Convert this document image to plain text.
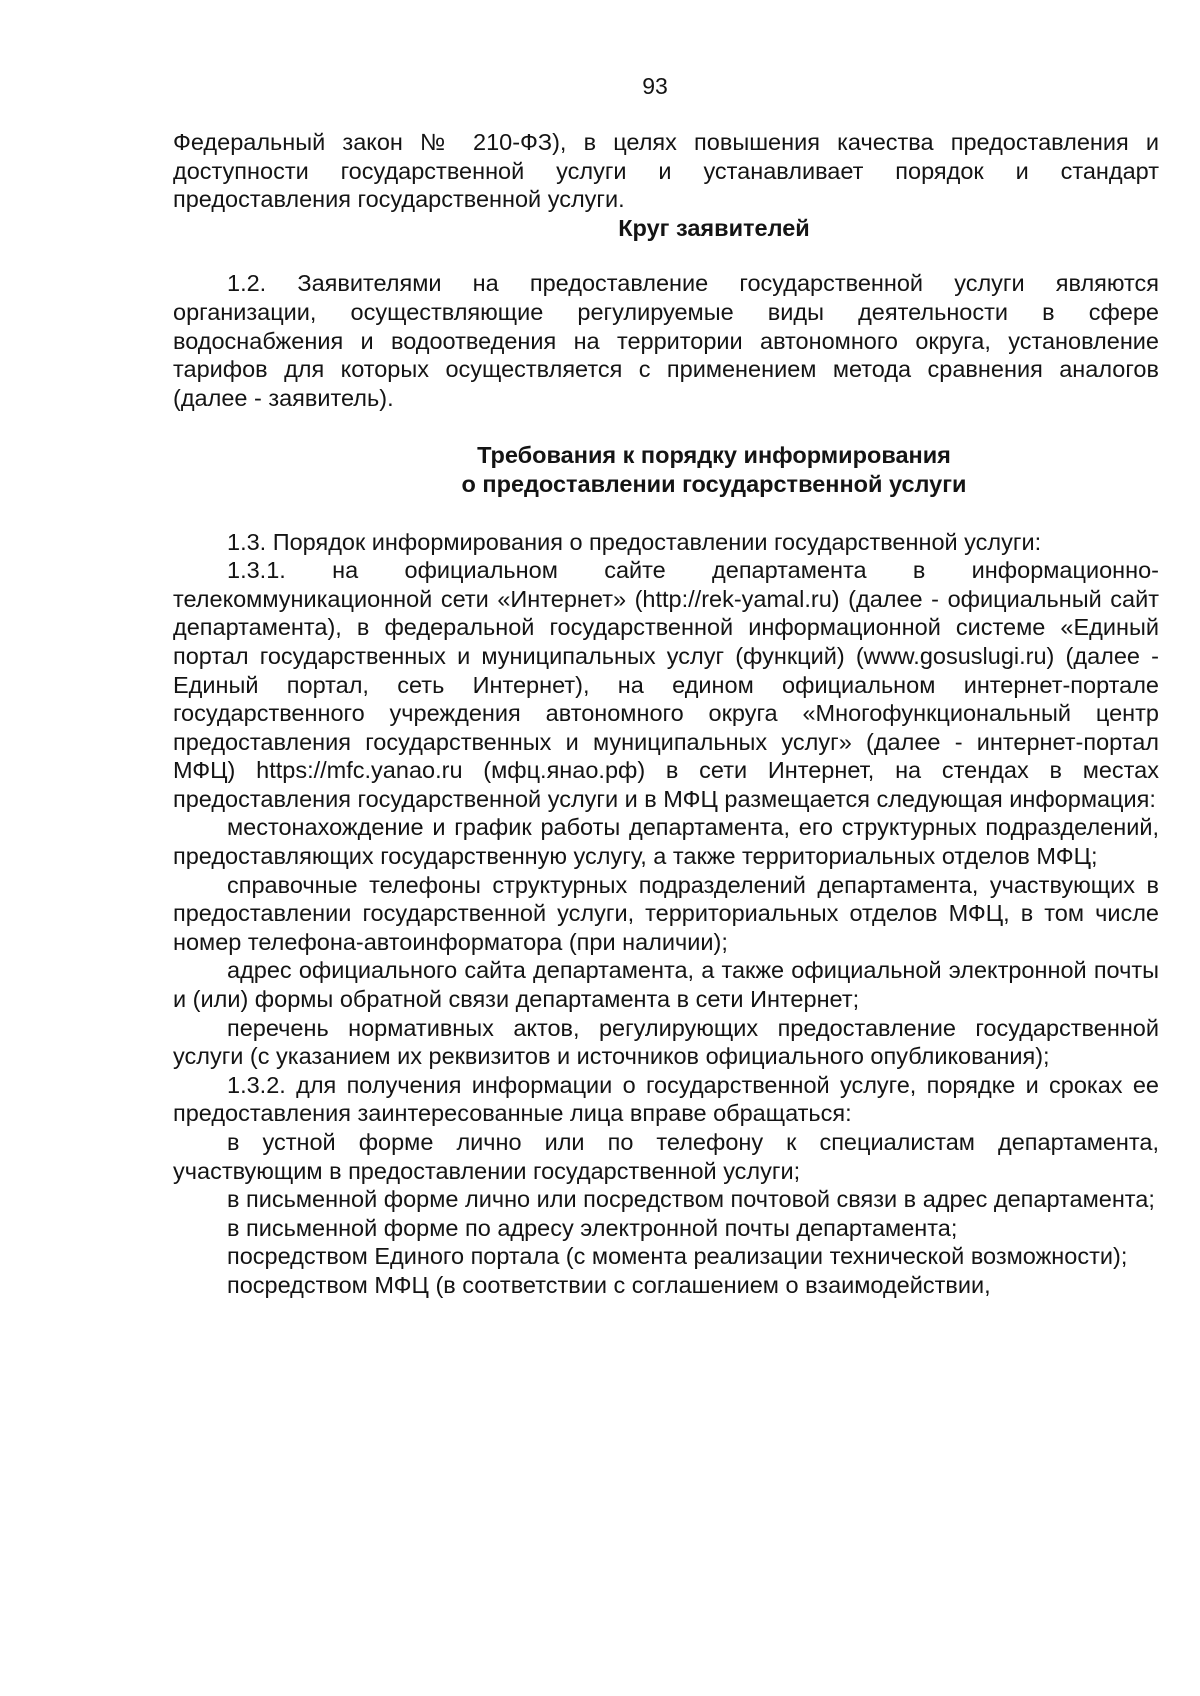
93

Федеральный закон № 210-ФЗ), в целях повышения качества предоставления и доступности государственной услуги и устанавливает порядок и стандарт предоставления государственной услуги.

Круг заявителей

1.2. Заявителями на предоставление государственной услуги являются организации, осуществляющие регулируемые виды деятельности в сфере водоснабжения и водоотведения на территории автономного округа, установление тарифов для которых осуществляется с применением метода сравнения аналогов (далее - заявитель).

Требования к порядку информирования
о предоставлении государственной услуги

1.3. Порядок информирования о предоставлении государственной услуги:

1.3.1. на официальном сайте департамента в информационно-телекоммуникационной сети «Интернет» (http://rek-yamal.ru) (далее - официальный сайт департамента), в федеральной государственной информационной системе «Единый портал государственных и муниципальных услуг (функций) (www.gosuslugi.ru) (далее - Единый портал, сеть Интернет), на едином официальном интернет-портале государственного учреждения автономного округа «Многофункциональный центр предоставления государственных и муниципальных услуг» (далее - интернет-портал МФЦ) https://mfc.yanao.ru (мфц.янао.рф) в сети Интернет, на стендах в местах предоставления государственной услуги и в МФЦ размещается следующая информация:

местонахождение и график работы департамента, его структурных подразделений, предоставляющих государственную услугу, а также территориальных отделов МФЦ;

справочные телефоны структурных подразделений департамента, участвующих в предоставлении государственной услуги, территориальных отделов МФЦ, в том числе номер телефона-автоинформатора (при наличии);

адрес официального сайта департамента, а также официальной электронной почты и (или) формы обратной связи департамента в сети Интернет;

перечень нормативных актов, регулирующих предоставление государственной услуги (с указанием их реквизитов и источников официального опубликования);

1.3.2. для получения информации о государственной услуге, порядке и сроках ее предоставления заинтересованные лица вправе обращаться:

в устной форме лично или по телефону к специалистам департамента, участвующим в предоставлении государственной услуги;

в письменной форме лично или посредством почтовой связи в адрес департамента;

в письменной форме по адресу электронной почты департамента;

посредством Единого портала (с момента реализации технической возможности);

посредством МФЦ (в соответствии с соглашением о взаимодействии,
